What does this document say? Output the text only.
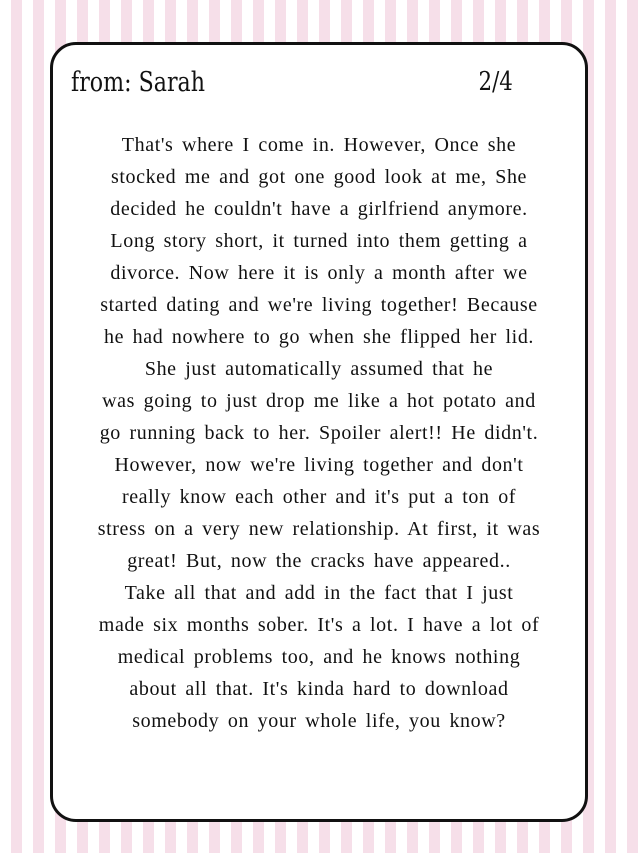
from: Sarah	2/4
That's where I come in. However, Once she
stocked me and got one good look at me, She
decided he couldn't have a girlfriend anymore.
Long story short, it turned into them getting a
divorce. Now here it is only a month after we
started dating and we're living together! Because
he had nowhere to go when she flipped her lid.
She just automatically assumed that he
was going to just drop me like a hot potato and
go running back to her. Spoiler alert!! He didn't.
However, now we're living together and don't
really know each other and it's put a ton of
stress on a very new relationship. At first, it was
great! But, now the cracks have appeared..
Take all that and add in the fact that I just
made six months sober. It's a lot. I have a lot of
medical problems too, and he knows nothing
about all that. It's kinda hard to download
somebody on your whole life, you know?
